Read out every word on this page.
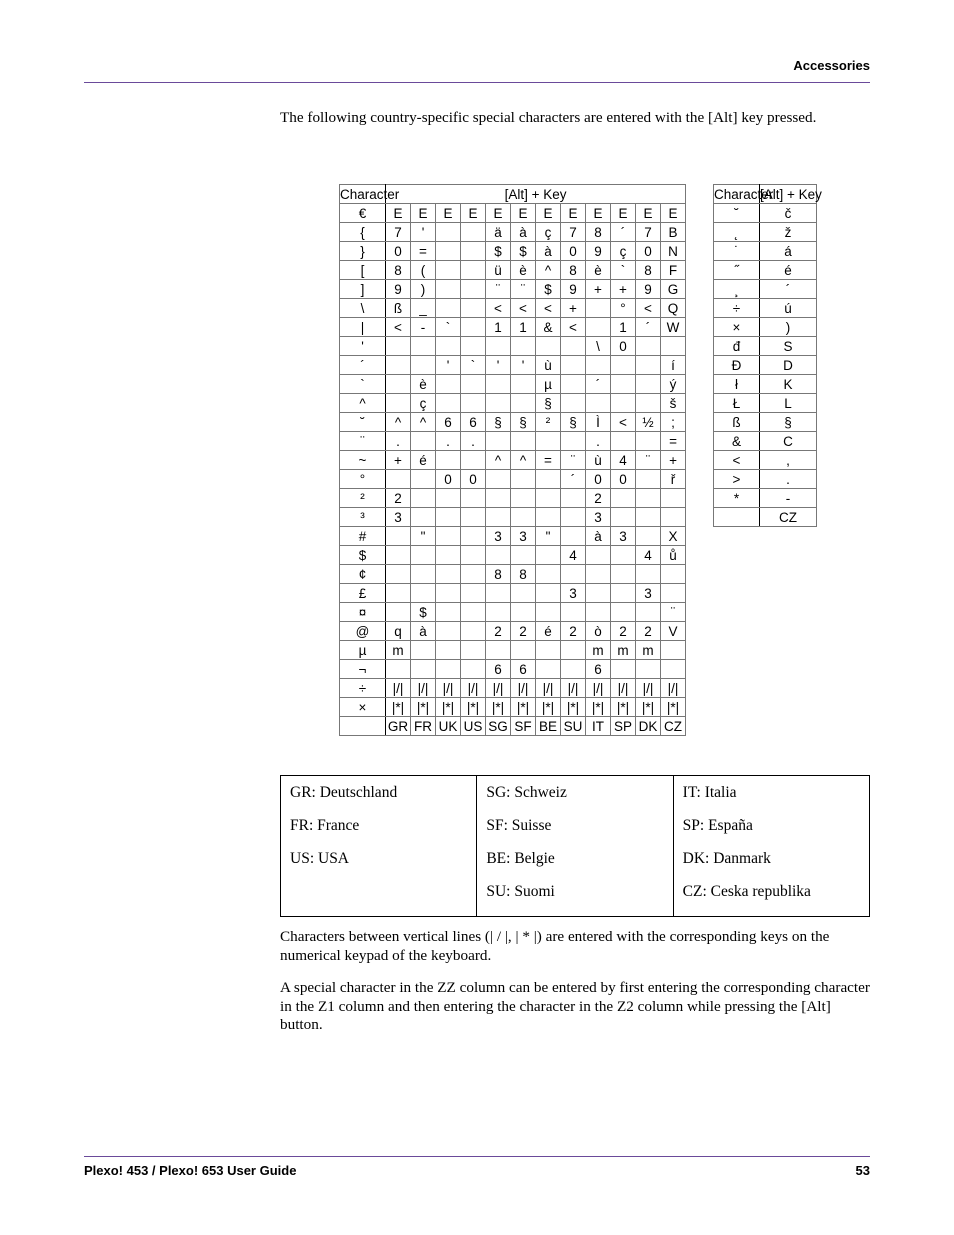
Accessories
The following country-specific special characters are entered with the [Alt] key pressed.
Character	[Alt] + Key											
€	E	E	E	E	E	E	E	E	E	E	E	E
{	7	'			ä	à	ç	7	8	´	7	B
}	0	=			$	$	à	0	9	ç	0	N
[	8	(			ü	è	^	8	è	`	8	F
]	9	)			¨	¨	$	9	+	+	9	G
\	ß	_			<	<	<	+		°	<	Q
|	<	-	`		1	1	&	<		1	´	W
'									\	0		
´			'	`	'	'	ù					í
`		è					µ		´			ý
^		ç					§					š
˘	^	^	6	6	§	§	²	§	Ì	<	½	;
¨	.		.	.					.			=
~	+	é			^	^	=	¨	ù	4	¨	+
°			0	0				´	0	0		ř
²	2								2			
³	3								3			
#		"			3	3	"		à	3		X
$								4			4	ů
¢					8	8						
£								3			3	
¤		$										¨
@	q	à			2	2	é	2	ò	2	2	V
µ	m								m	m	m	
¬					6	6			6			
÷	|/|	|/|	|/|	|/|	|/|	|/|	|/|	|/|	|/|	|/|	|/|	|/|
×	|*|	|*|	|*|	|*|	|*|	|*|	|*|	|*|	|*|	|*|	|*|	|*|
	GR	FR	UK	US	SG	SF	BE	SU	IT	SP	DK	CZ
Character	[Alt] + Key
˘	č
˛	ž
˙	á
˝	é
¸	´
÷	ú
×	)
đ	S
Đ	D
ł	K
Ł	L
ß	§
&	C
<	,
>	.
*	-
	CZ
GR: Deutschland
FR: France
US: USA

SG: Schweiz
SF: Suisse
BE: Belgie
SU: Suomi

IT: Italia
SP: España
DK: Danmark
CZ: Ceska republika
Characters between vertical lines (| / |, | * |) are entered with the corresponding keys on the numerical keypad of the keyboard.
A special character in the ZZ column can be entered by first entering the corresponding character in the Z1 column and then entering the character in the Z2 column while pressing the [Alt] button.
Plexo! 453 / Plexo! 653 User Guide	53
